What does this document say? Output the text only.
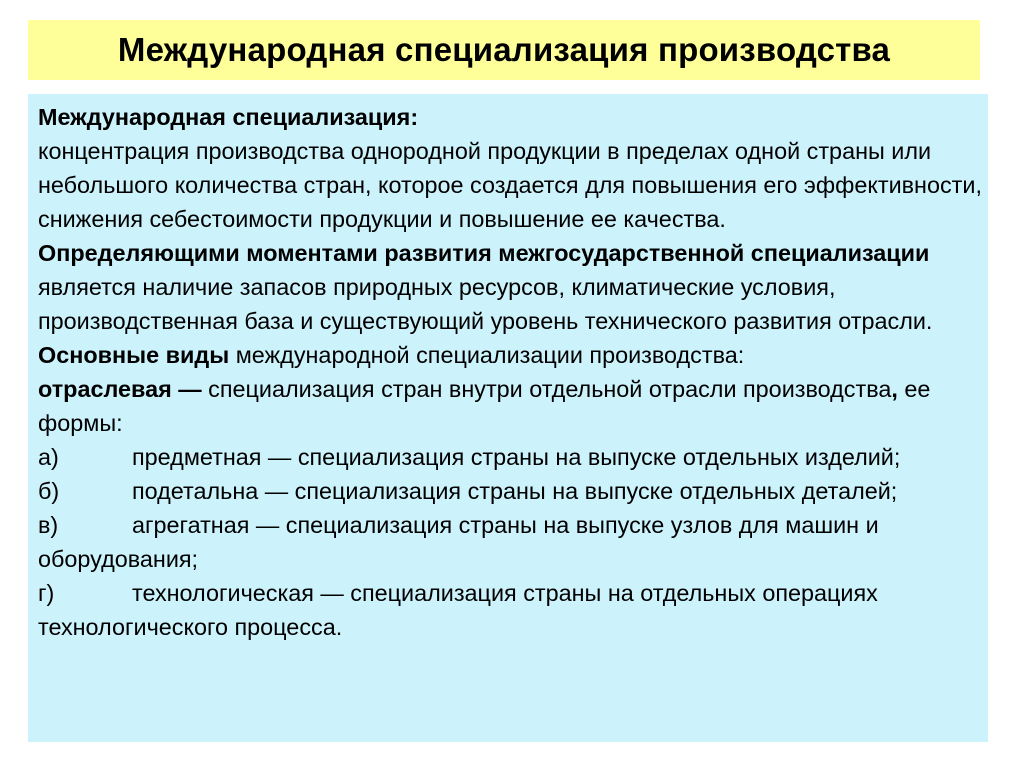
Международная специализация производства

Международная специализация:
концентрация производства однородной продукции в пределах одной страны или небольшого количества стран, которое создается для повышения его эффективности, снижения себестоимости продукции и повышение ее качества.

Определяющими моментами развития межгосударственной специализации является наличие запасов природных ресурсов, климатические условия, производственная база и существующий уровень технического развития отрасли.

Основные виды международной специализации производства:

отраслевая — специализация стран внутри отдельной отрасли производства, ее формы:

а)	предметная — специализация страны на выпуске отдельных изделий;

б)	подетальна — специализация страны на выпуске отдельных деталей;

в)	агрегатная — специализация страны на выпуске узлов для машин и оборудования;

г)	технологическая — специализация страны на отдельных операциях технологического процесса.
